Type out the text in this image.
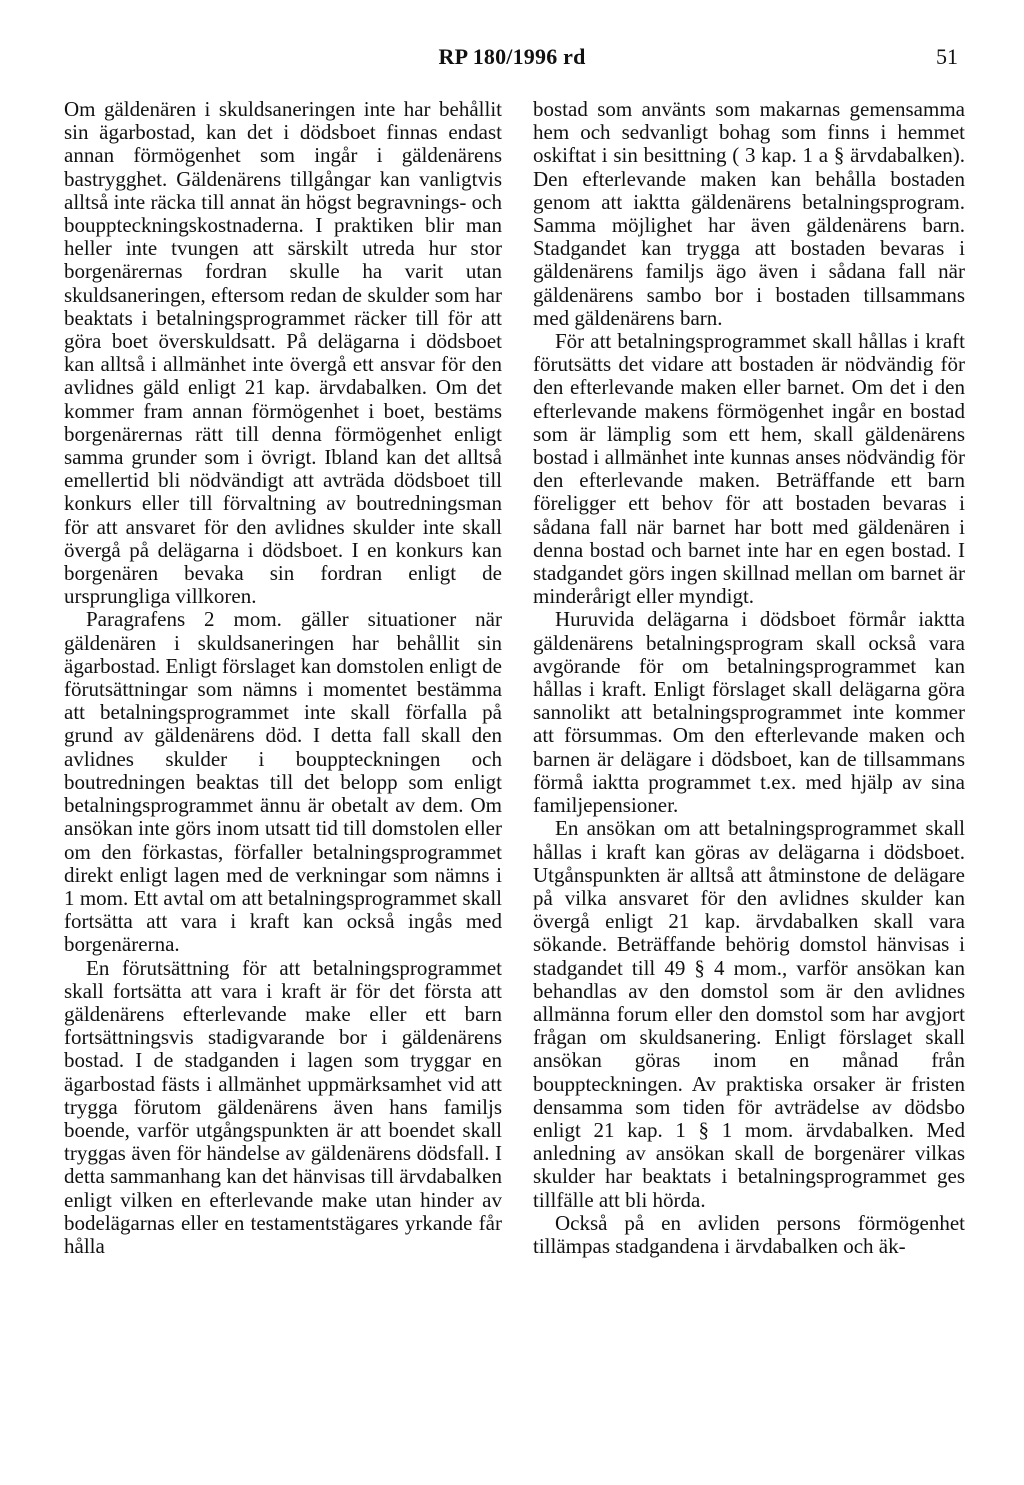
RP 180/1996 rd	51

Om gäldenären i skuldsaneringen inte har behållit sin ägarbostad, kan det i dödsboet finnas endast annan förmögenhet som ingår i gäldenärens bastrygghet. Gäldenärens tillgångar kan vanligtvis alltså inte räcka till annat än högst begravnings- och bouppteckningskostnaderna. I praktiken blir man heller inte tvungen att särskilt utreda hur stor borgenärernas fordran skulle ha varit utan skuldsaneringen, eftersom redan de skulder som har beaktats i betalningsprogrammet räcker till för att göra boet överskuldsatt. På delägarna i dödsboet kan alltså i allmänhet inte övergå ett ansvar för den avlidnes gäld enligt 21 kap. ärvdabalken. Om det kommer fram annan förmögenhet i boet, bestäms borgenärernas rätt till denna förmögenhet enligt samma grunder som i övrigt. Ibland kan det alltså emellertid bli nödvändigt att avträda dödsboet till konkurs eller till förvaltning av boutredningsman för att ansvaret för den avlidnes skulder inte skall övergå på delägarna i dödsboet. I en konkurs kan borgenären bevaka sin fordran enligt de ursprungliga villkoren.

Paragrafens 2 mom. gäller situationer när gäldenären i skuldsaneringen har behållit sin ägarbostad. Enligt förslaget kan domstolen enligt de förutsättningar som nämns i momentet bestämma att betalningsprogrammet inte skall förfalla på grund av gäldenärens död. I detta fall skall den avlidnes skulder i bouppteckningen och boutredningen beaktas till det belopp som enligt betalningsprogrammet ännu är obetalt av dem. Om ansökan inte görs inom utsatt tid till domstolen eller om den förkastas, förfaller betalningsprogrammet direkt enligt lagen med de verkningar som nämns i 1 mom. Ett avtal om att betalningsprogrammet skall fortsätta att vara i kraft kan också ingås med borgenärerna.

En förutsättning för att betalningsprogrammet skall fortsätta att vara i kraft är för det första att gäldenärens efterlevande make eller ett barn fortsättningsvis stadigvarande bor i gäldenärens bostad. I de stadganden i lagen som tryggar en ägarbostad fästs i allmänhet uppmärksamhet vid att trygga förutom gäldenärens även hans familjs boende, varför utgångspunkten är att boendet skall tryggas även för händelse av gäldenärens dödsfall. I detta sammanhang kan det hänvisas till ärvdabalken enligt vilken en efterlevande make utan hinder av bodelägarnas eller en testamentstägares yrkande får hålla

bostad som använts som makarnas gemensamma hem och sedvanligt bohag som finns i hemmet oskiftat i sin besittning ( 3 kap. 1 a § ärvdabalken). Den efterlevande maken kan behålla bostaden genom att iaktta gäldenärens betalningsprogram. Samma möjlighet har även gäldenärens barn. Stadgandet kan trygga att bostaden bevaras i gäldenärens familjs ägo även i sådana fall när gäldenärens sambo bor i bostaden tillsammans med gäldenärens barn.

För att betalningsprogrammet skall hållas i kraft förutsätts det vidare att bostaden är nödvändig för den efterlevande maken eller barnet. Om det i den efterlevande makens förmögenhet ingår en bostad som är lämplig som ett hem, skall gäldenärens bostad i allmänhet inte kunnas anses nödvändig för den efterlevande maken. Beträffande ett barn föreligger ett behov för att bostaden bevaras i sådana fall när barnet har bott med gäldenären i denna bostad och barnet inte har en egen bostad. I stadgandet görs ingen skillnad mellan om barnet är minderårigt eller myndigt.

Huruvida delägarna i dödsboet förmår iaktta gäldenärens betalningsprogram skall också vara avgörande för om betalningsprogrammet kan hållas i kraft. Enligt förslaget skall delägarna göra sannolikt att betalningsprogrammet inte kommer att försummas. Om den efterlevande maken och barnen är delägare i dödsboet, kan de tillsammans förmå iaktta programmet t.ex. med hjälp av sina familjepensioner.

En ansökan om att betalningsprogrammet skall hållas i kraft kan göras av delägarna i dödsboet. Utgånspunkten är alltså att åtminstone de delägare på vilka ansvaret för den avlidnes skulder kan övergå enligt 21 kap. ärvdabalken skall vara sökande. Beträffande behörig domstol hänvisas i stadgandet till 49 § 4 mom., varför ansökan kan behandlas av den domstol som är den avlidnes allmänna forum eller den domstol som har avgjort frågan om skuldsanering. Enligt förslaget skall ansökan göras inom en månad från bouppteckningen. Av praktiska orsaker är fristen densamma som tiden för avträdelse av dödsbo enligt 21 kap. 1 § 1 mom. ärvdabalken. Med anledning av ansökan skall de borgenärer vilkas skulder har beaktats i betalningsprogrammet ges tillfälle att bli hörda.

Också på en avliden persons förmögenhet tillämpas stadgandena i ärvdabalken och äk-
